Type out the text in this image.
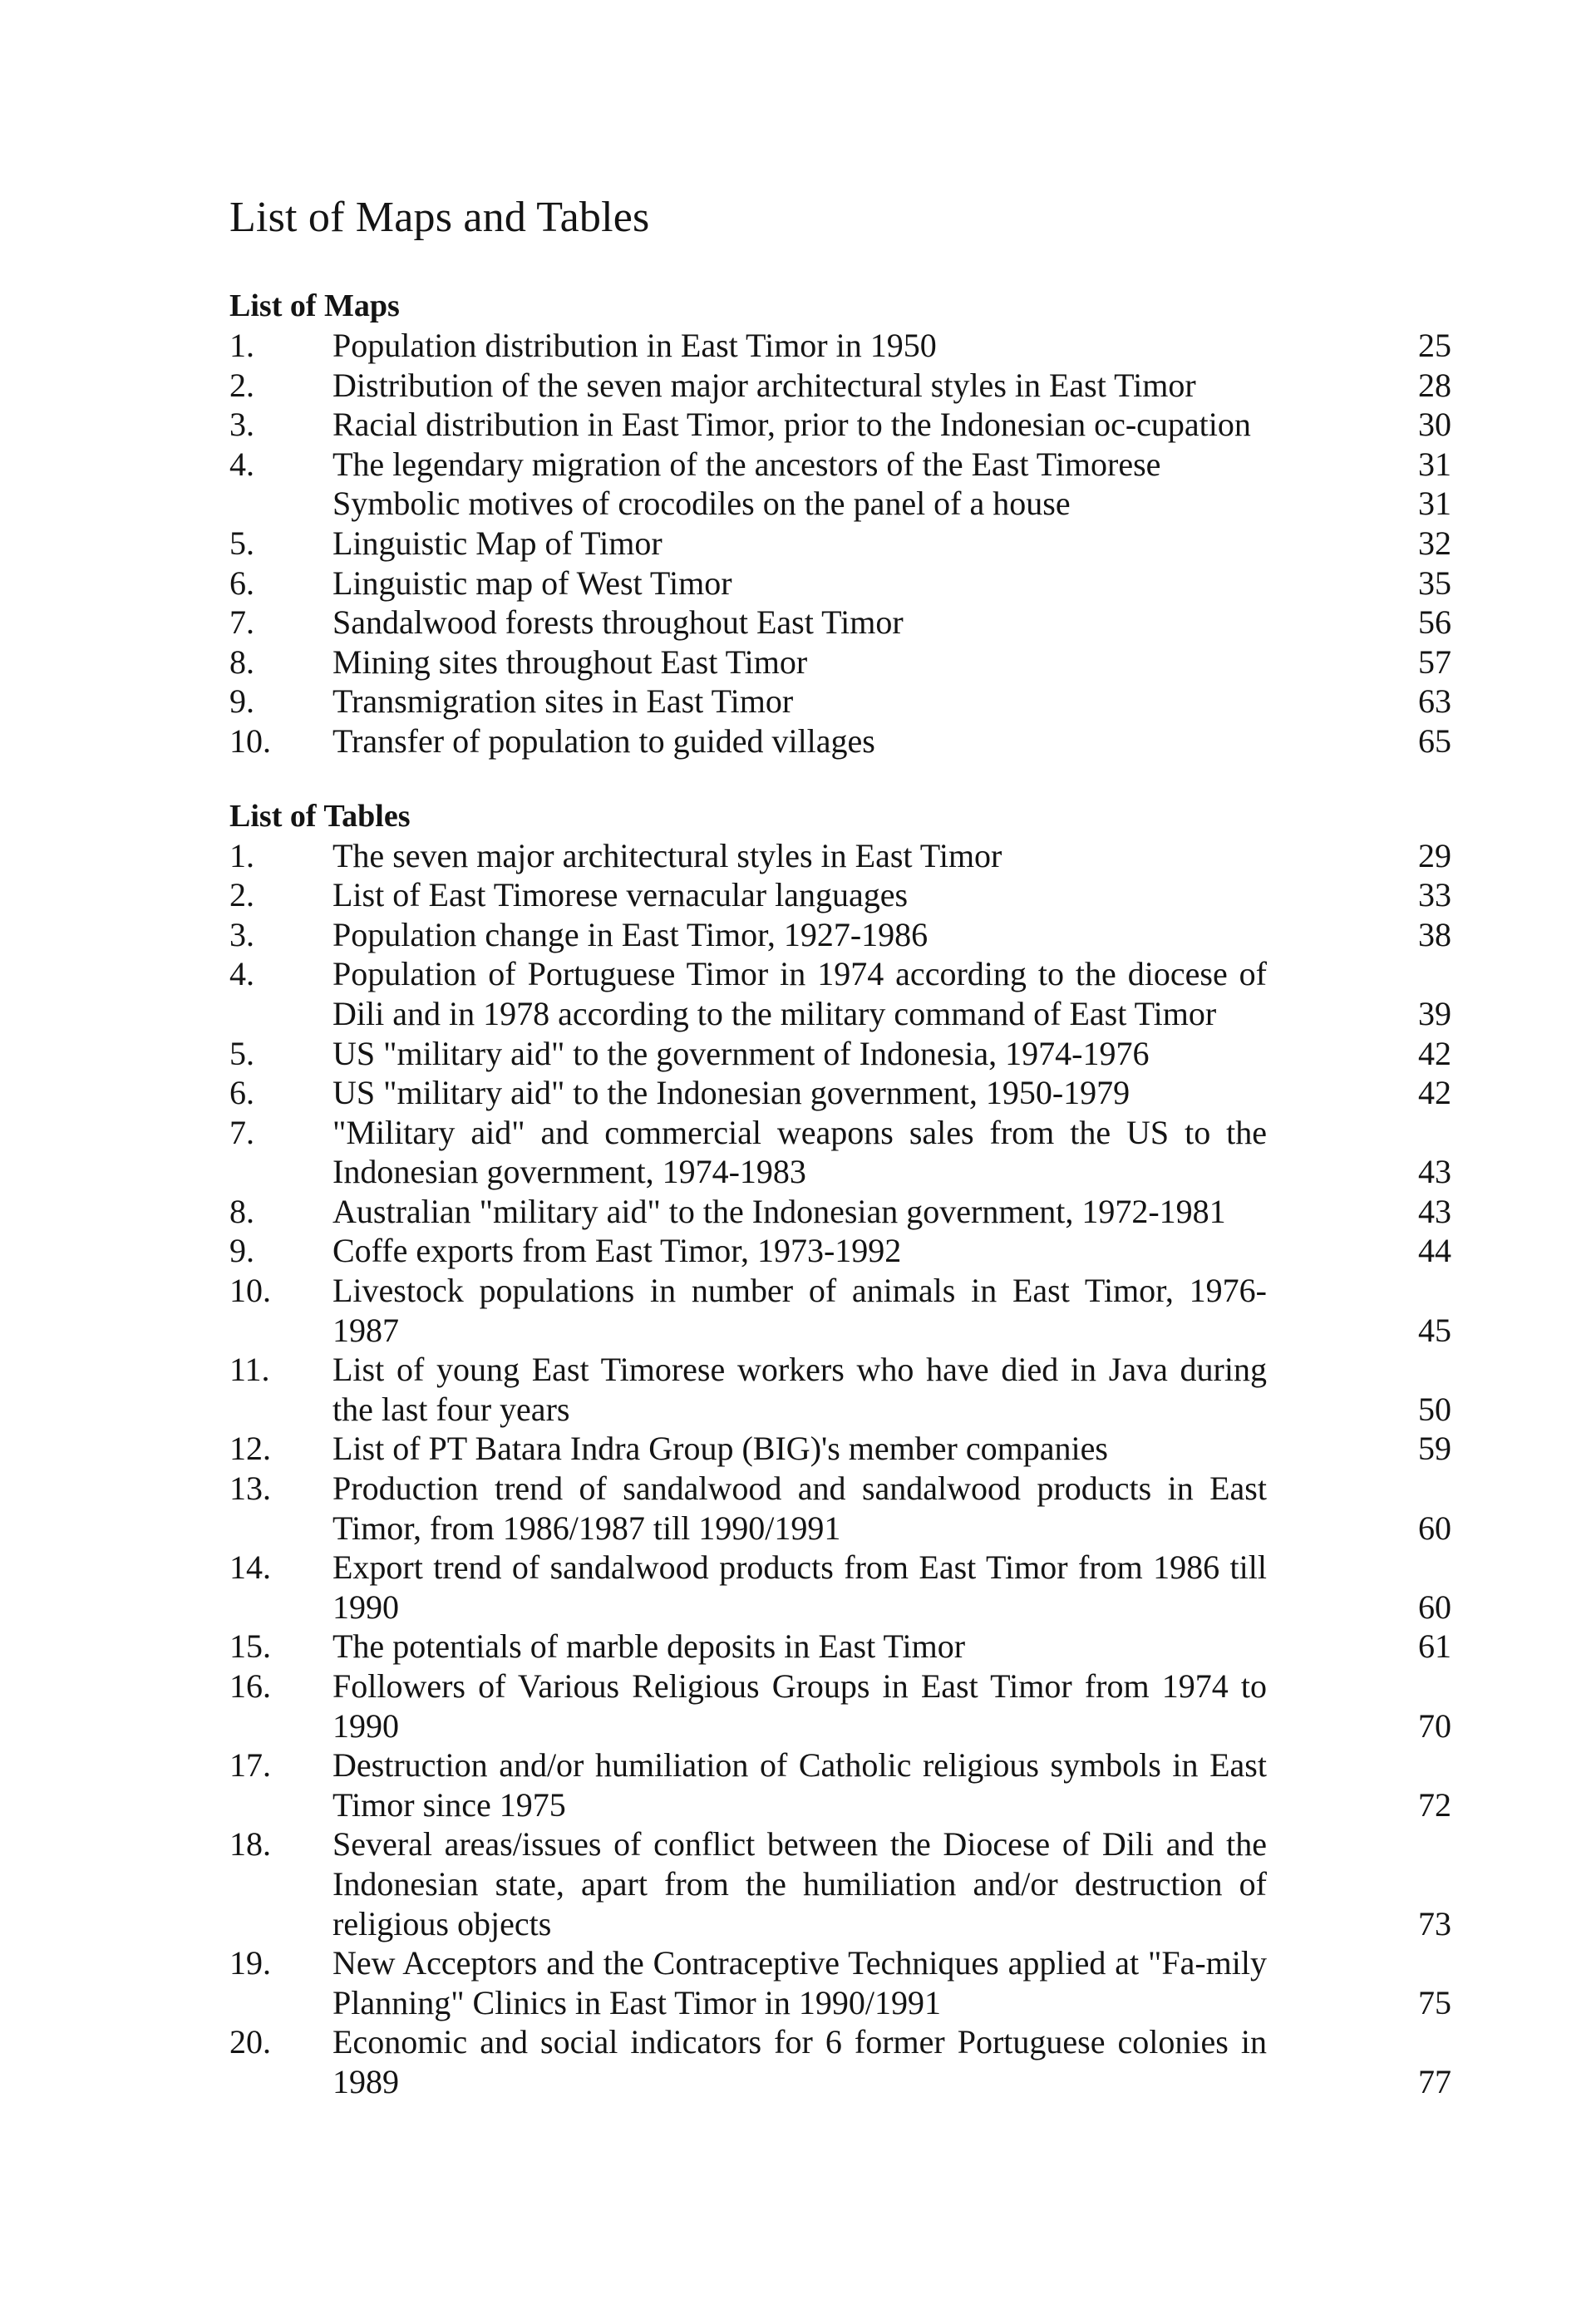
List of Maps and Tables
List of Maps
1.	Population distribution in East Timor in 1950	25
2.	Distribution of the seven major architectural styles in East Timor	28
3.	Racial distribution in East Timor, prior to the Indonesian oc-cupation	30
4.	The legendary migration of the ancestors of the East Timorese	31
Symbolic motives of crocodiles on the panel of a house	31
5.	Linguistic Map of Timor	32
6.	Linguistic map of West Timor	35
7.	Sandalwood forests throughout East Timor	56
8.	Mining sites throughout East Timor	57
9.	Transmigration sites in East Timor	63
10.	Transfer of population to guided villages	65
List of Tables
1.	The seven major architectural styles in East Timor	29
2.	List of East Timorese vernacular languages	33
3.	Population change in East Timor, 1927-1986	38
4.	Population of Portuguese Timor in 1974 according to the diocese of Dili and in 1978 according to the military command of East Timor	39
5.	US "military aid" to the government of Indonesia, 1974-1976	42
6.	US "military aid" to the Indonesian government, 1950-1979	42
7.	"Military aid" and commercial weapons sales from the US to the Indonesian government, 1974-1983	43
8.	Australian "military aid" to the Indonesian government, 1972-1981	43
9.	Coffe exports from East Timor, 1973-1992	44
10.	Livestock populations in number of animals in East Timor, 1976-1987	45
11.	List of young East Timorese workers who have died in Java during the last four years	50
12.	List of PT Batara Indra Group (BIG)'s member companies	59
13.	Production trend of sandalwood and sandalwood products in East Timor, from 1986/1987 till 1990/1991	60
14.	Export trend of sandalwood products from East Timor from 1986 till 1990	60
15.	The potentials of marble deposits in East Timor	61
16.	Followers of Various Religious Groups in East Timor from 1974 to 1990	70
17.	Destruction and/or humiliation of Catholic religious symbols in East Timor since 1975	72
18.	Several areas/issues of conflict between the Diocese of Dili and the Indonesian state, apart from the humiliation and/or destruction of religious objects	73
19.	New Acceptors and the Contraceptive Techniques applied at "Fa-mily Planning" Clinics in East Timor in 1990/1991	75
20.	Economic and social indicators for 6 former Portuguese colonies in 1989	77
